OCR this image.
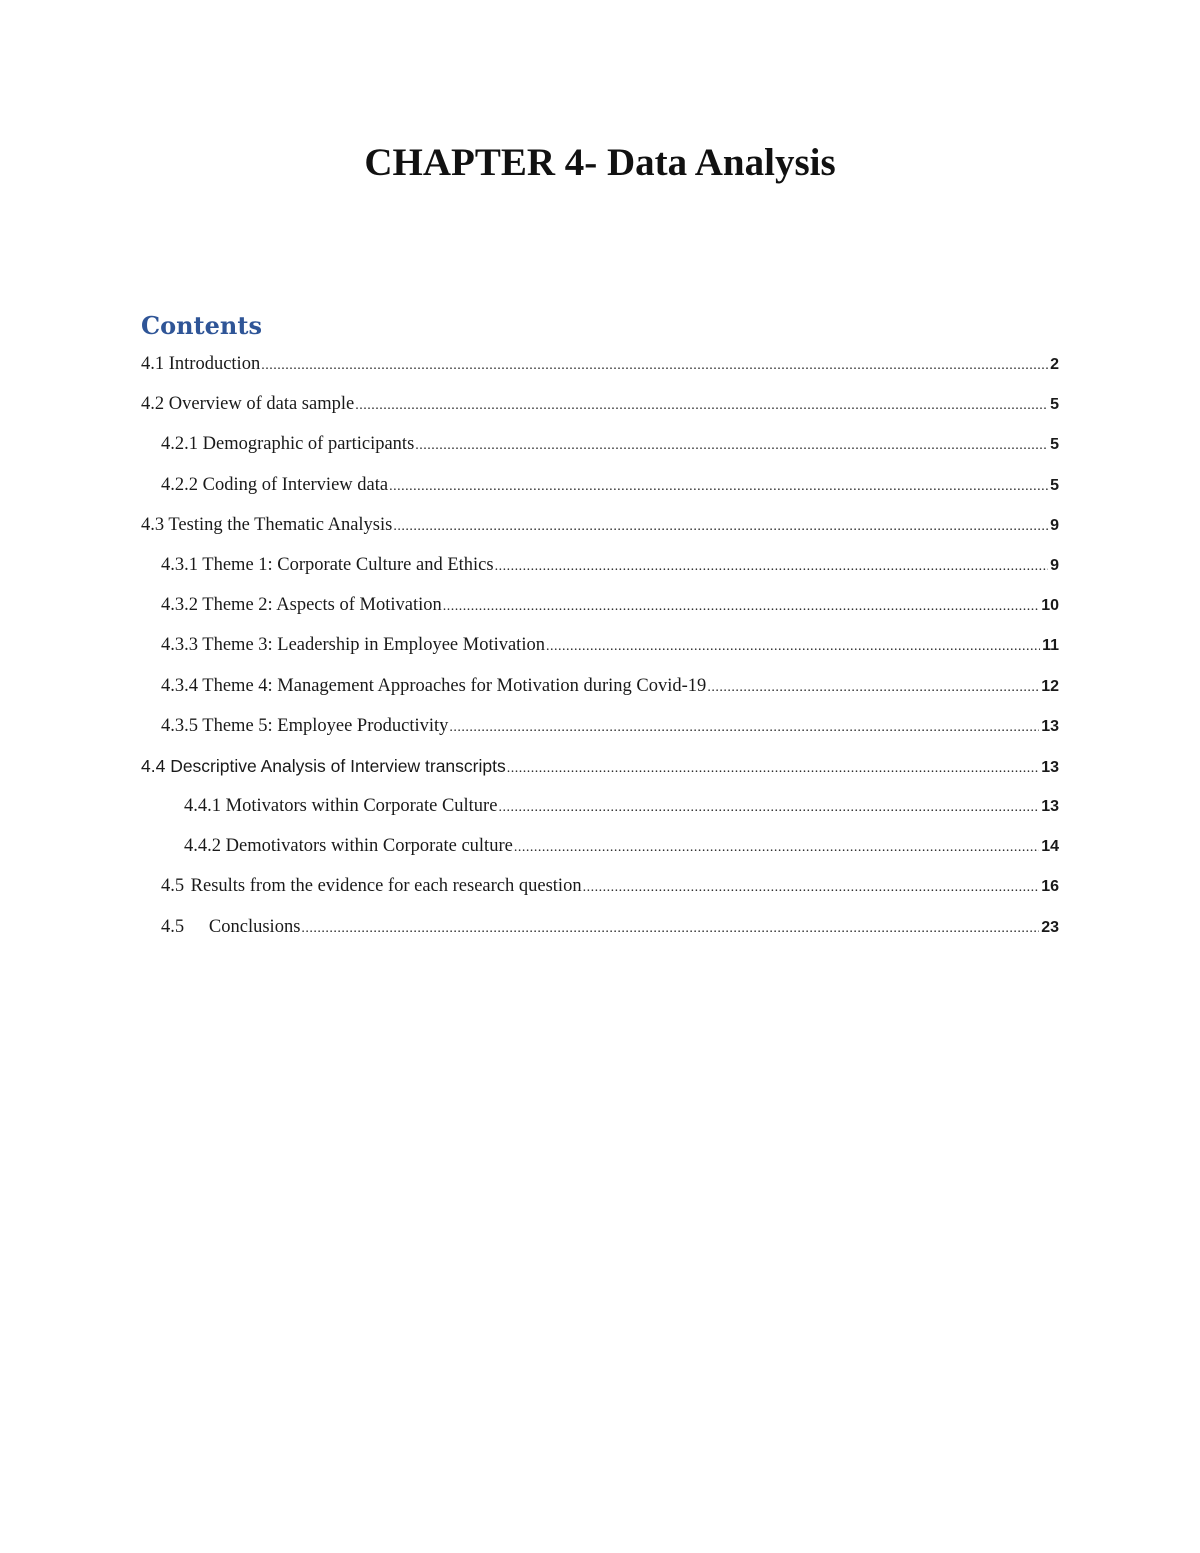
CHAPTER 4- Data Analysis
Contents
4.1 Introduction .....	2
4.2 Overview of data sample .....	5
4.2.1 Demographic of participants .....	5
4.2.2 Coding of Interview data .....	5
4.3 Testing the Thematic Analysis .....	9
4.3.1 Theme 1: Corporate Culture and Ethics .....	9
4.3.2 Theme 2: Aspects of Motivation .....	10
4.3.3 Theme 3: Leadership in Employee Motivation .....	11
4.3.4 Theme 4: Management Approaches for Motivation during Covid-19 .....	12
4.3.5 Theme 5: Employee Productivity .....	13
4.4 Descriptive Analysis of Interview transcripts .....	13
4.4.1 Motivators within Corporate Culture .....	13
4.4.2 Demotivators within Corporate culture .....	14
4.5 Results from the evidence for each research question .....	16
4.5	Conclusions .....	23
